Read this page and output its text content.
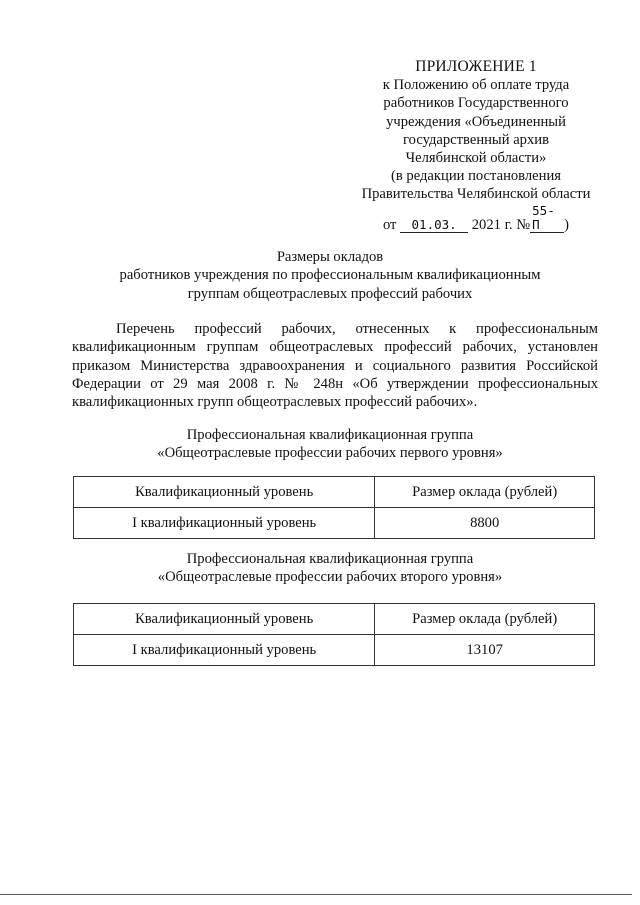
ПРИЛОЖЕНИЕ 1
к Положению об оплате труда
работников Государственного
учреждения «Объединенный
государственный архив
Челябинской области»
(в редакции постановления
Правительства Челябинской области
от 01.03. 2021 г. №55-П )
Размеры окладов
работников учреждения по профессиональным квалификационным
группам общеотраслевых профессий рабочих
Перечень профессий рабочих, отнесенных к профессиональным квалификационным группам общеотраслевых профессий рабочих, установлен приказом Министерства здравоохранения и социального развития Российской Федерации от 29 мая 2008 г. № 248н «Об утверждении профессиональных квалификационных групп общеотраслевых профессий рабочих».
Профессиональная квалификационная группа
«Общеотраслевые профессии рабочих первого уровня»
Квалификационный уровень	Размер оклада (рублей)
I квалификационный уровень	8800
Профессиональная квалификационная группа
«Общеотраслевые профессии рабочих второго уровня»
Квалификационный уровень	Размер оклада (рублей)
I квалификационный уровень	13107
